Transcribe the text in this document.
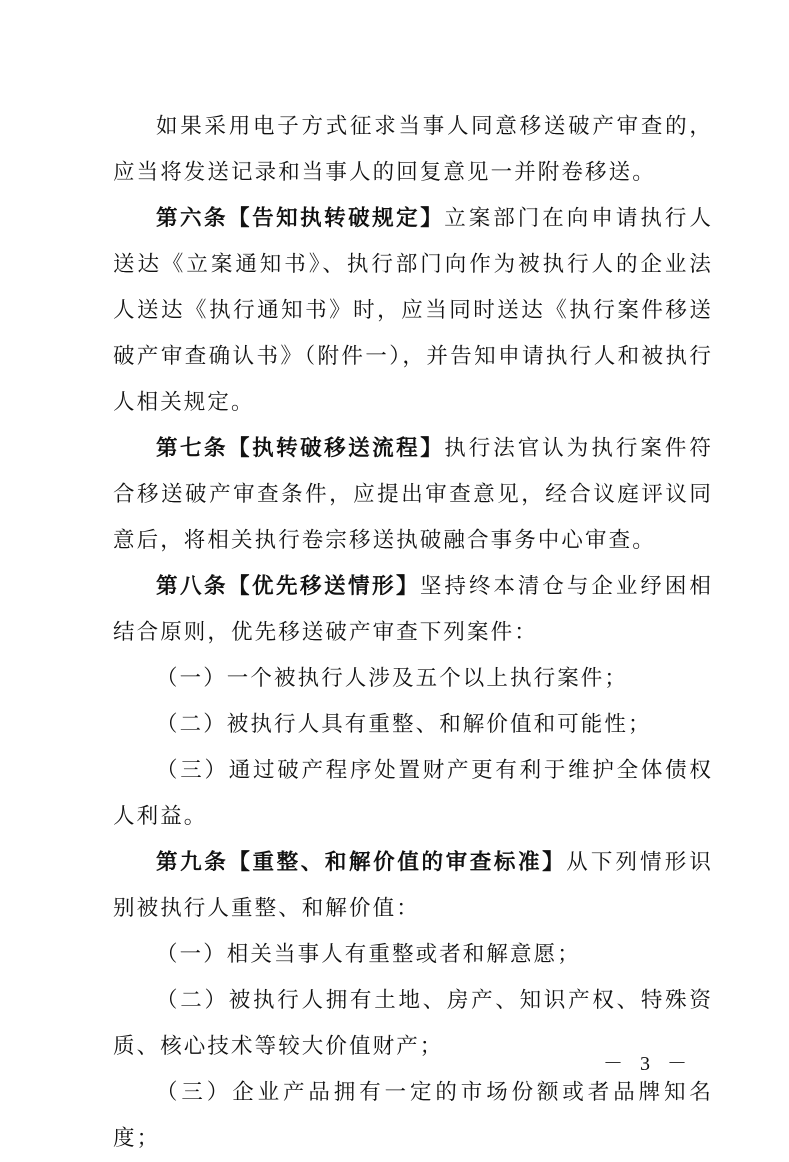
如果采用电子方式征求当事人同意移送破产审查的，应当将发送记录和当事人的回复意见一并附卷移送。

第六条【告知执转破规定】立案部门在向申请执行人送达《立案通知书》、执行部门向作为被执行人的企业法人送达《执行通知书》时，应当同时送达《执行案件移送破产审查确认书》（附件一），并告知申请执行人和被执行人相关规定。

第七条【执转破移送流程】执行法官认为执行案件符合移送破产审查条件，应提出审查意见，经合议庭评议同意后，将相关执行卷宗移送执破融合事务中心审查。

第八条【优先移送情形】坚持终本清仓与企业纾困相结合原则，优先移送破产审查下列案件：

（一）一个被执行人涉及五个以上执行案件；

（二）被执行人具有重整、和解价值和可能性；

（三）通过破产程序处置财产更有利于维护全体债权人利益。

第九条【重整、和解价值的审查标准】从下列情形识别被执行人重整、和解价值：

（一）相关当事人有重整或者和解意愿；

（二）被执行人拥有土地、房产、知识产权、特殊资质、核心技术等较大价值财产；

（三）企业产品拥有一定的市场份额或者品牌知名度；

－ 3 －
